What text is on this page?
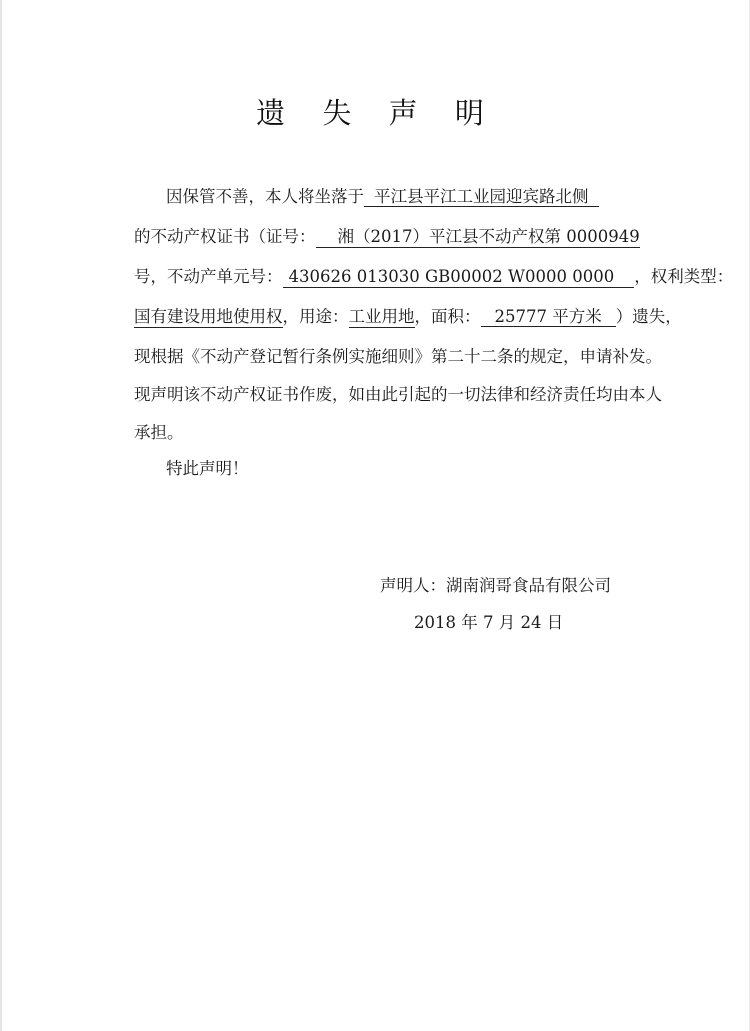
遗 失 声 明
因保管不善，本人将坐落于 平江县平江工业园迎宾路北侧
的不动产权证书（证号： 湘（2017）平江县不动产权第 0000949
号，不动产单元号： 430626 013030 GB00002 W0000 0000 ，权利类型：
国有建设用地使用权，用途：工业用地，面积： 25777 平方米 ）遗失，
现根据《不动产登记暂行条例实施细则》第二十二条的规定，申请补发。
现声明该不动产权证书作废，如由此引起的一切法律和经济责任均由本人
承担。
特此声明！
声明人：湖南润哥食品有限公司
2018 年 7 月 24 日
